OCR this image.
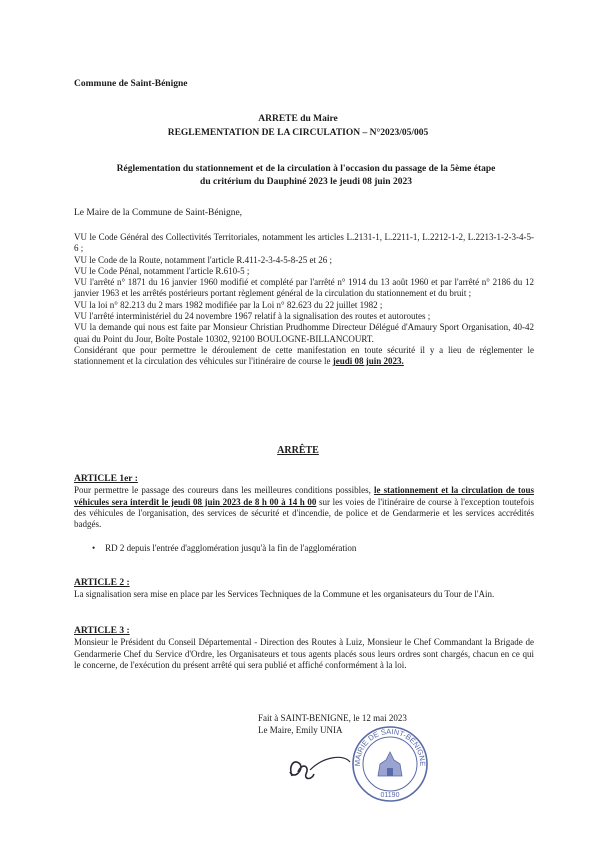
Commune de Saint-Bénigne
ARRETE du Maire
REGLEMENTATION DE LA CIRCULATION – N°2023/05/005
Réglementation du stationnement et de la circulation à l'occasion du passage de la 5ème étape
du critérium du Dauphiné 2023 le jeudi 08 juin 2023
Le Maire de la Commune de Saint-Bénigne,

VU le Code Général des Collectivités Territoriales, notamment les articles L.2131-1, L.2211-1, L.2212-1-2, L.2213-1-2-3-4-5-6 ;

VU le Code de la Route, notamment l'article R.411-2-3-4-5-8-25 et 26 ;

VU le Code Pénal, notamment l'article R.610-5 ;

VU l'arrêté n° 1871 du 16 janvier 1960 modifié et complété par l'arrêté n° 1914 du 13 août 1960 et par l'arrêté n° 2186 du 12 janvier 1963 et les arrêtés postérieurs portant règlement général de la circulation du stationnement et du bruit ;

VU la loi n° 82.213 du 2 mars 1982 modifiée par la Loi n° 82.623 du 22 juillet 1982 ;

VU l'arrêté interministériel du 24 novembre 1967 relatif à la signalisation des routes et autoroutes ;

VU la demande qui nous est faite par Monsieur Christian Prudhomme Directeur Délégué d'Amaury Sport Organisation, 40-42 quai du Point du Jour, Boîte Postale 10302, 92100 BOULOGNE-BILLANCOURT.

Considérant que pour permettre le déroulement de cette manifestation en toute sécurité il y a lieu de réglementer le stationnement et la circulation des véhicules sur l'itinéraire de course le jeudi 08 juin 2023.

ARRÊTE
ARTICLE 1er :

Pour permettre le passage des coureurs dans les meilleures conditions possibles, le stationnement et la circulation de tous véhicules sera interdit le jeudi 08 juin 2023 de 8 h 00 à 14 h 00 sur les voies de l'itinéraire de course à l'exception toutefois des véhicules de l'organisation, des services de sécurité et d'incendie, de police et de Gendarmerie et les services accrédités badgés.

• RD 2 depuis l'entrée d'agglomération jusqu'à la fin de l'agglomération
ARTICLE 2 :

La signalisation sera mise en place par les Services Techniques de la Commune et les organisateurs du Tour de l'Ain.

ARTICLE 3 :

Monsieur le Président du Conseil Départemental - Direction des Routes à Luiz, Monsieur le Chef Commandant la Brigade de Gendarmerie Chef du Service d'Ordre, les Organisateurs et tous agents placés sous leurs ordres sont chargés, chacun en ce qui le concerne, de l'exécution du présent arrêté qui sera publié et affiché conformément à la loi.

Fait à SAINT-BENIGNE, le 12 mai 2023

Le Maire, Emily UNIA

MAIRIE DE SAINT-BÉNIGNE
01190
